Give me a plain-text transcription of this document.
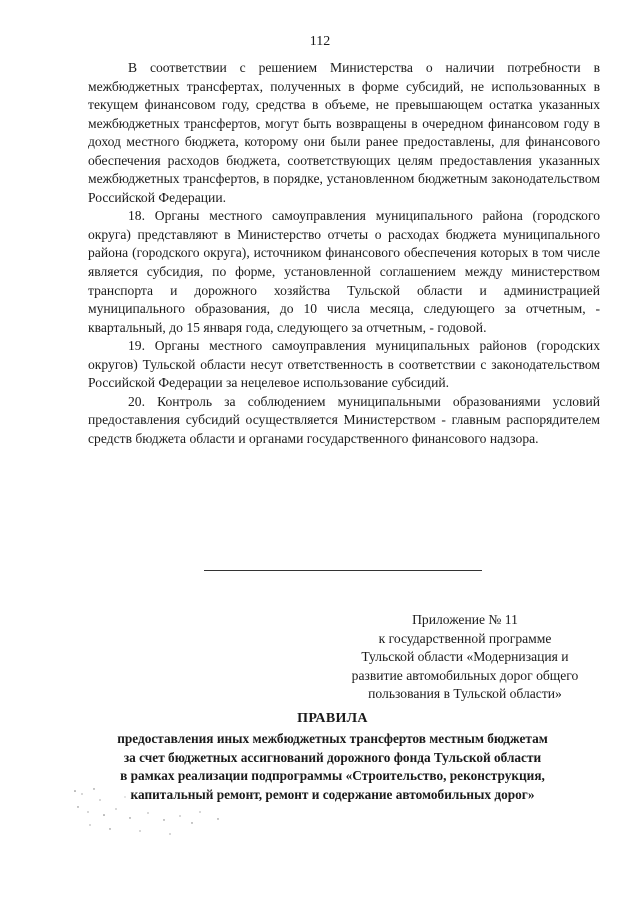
112

В соответствии с решением Министерства о наличии потребности в межбюджетных трансфертах, полученных в форме субсидий, не использованных в текущем финансовом году, средства в объеме, не превышающем остатка указанных межбюджетных трансфертов, могут быть возвращены в очередном финансовом году в доход местного бюджета, которому они были ранее предоставлены, для финансового обеспечения расходов бюджета, соответствующих целям предоставления указанных межбюджетных трансфертов, в порядке, установленном бюджетным законодательством Российской Федерации.

18. Органы местного самоуправления муниципального района (городского округа) представляют в Министерство отчеты о расходах бюджета муниципального района (городского округа), источником финансового обеспечения которых в том числе является субсидия, по форме, установленной соглашением между министерством транспорта и дорожного хозяйства Тульской области и администрацией муниципального образования, до 10 числа месяца, следующего за отчетным, - квартальный, до 15 января года, следующего за отчетным, - годовой.

19. Органы местного самоуправления муниципальных районов (городских округов) Тульской области несут ответственность в соответствии с законодательством Российской Федерации за нецелевое использование субсидий.

20. Контроль за соблюдением муниципальными образованиями условий предоставления субсидий осуществляется Министерством - главным распорядителем средств бюджета области и органами государственного финансового надзора.

Приложение № 11
к государственной программе
Тульской области «Модернизация и
развитие автомобильных дорог общего
пользования в Тульской области»
ПРАВИЛА
предоставления иных межбюджетных трансфертов местным бюджетам
за счет бюджетных ассигнований дорожного фонда Тульской области
в рамках реализации подпрограммы «Строительство, реконструкция,
капитальный ремонт, ремонт и содержание автомобильных дорог»
